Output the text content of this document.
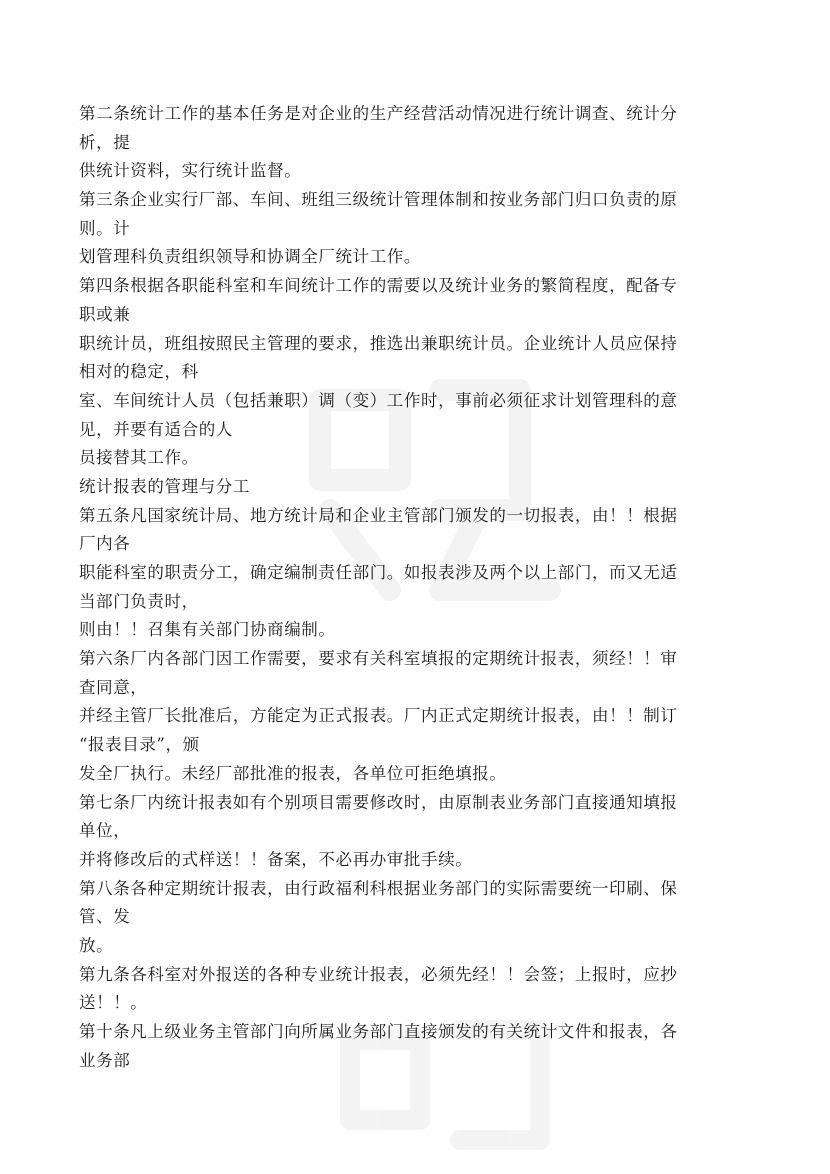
第二条统计工作的基本任务是对企业的生产经营活动情况进行统计调查、统计分
析，提
供统计资料，实行统计监督。
第三条企业实行厂部、车间、班组三级统计管理体制和按业务部门归口负责的原
则。计
划管理科负责组织领导和协调全厂统计工作。
第四条根据各职能科室和车间统计工作的需要以及统计业务的繁简程度，配备专
职或兼
职统计员，班组按照民主管理的要求，推选出兼职统计员。企业统计人员应保持
相对的稳定，科
室、车间统计人员（包括兼职）调（变）工作时，事前必须征求计划管理科的意
见，并要有适合的人
员接替其工作。
统计报表的管理与分工
第五条凡国家统计局、地方统计局和企业主管部门颁发的一切报表，由！！根据
厂内各
职能科室的职责分工，确定编制责任部门。如报表涉及两个以上部门，而又无适
当部门负责时，
则由！！召集有关部门协商编制。
第六条厂内各部门因工作需要，要求有关科室填报的定期统计报表，须经！！审
查同意，
并经主管厂长批准后，方能定为正式报表。厂内正式定期统计报表，由！！制订
“报表目录”，颁
发全厂执行。未经厂部批准的报表，各单位可拒绝填报。
第七条厂内统计报表如有个别项目需要修改时，由原制表业务部门直接通知填报
单位，
并将修改后的式样送！！备案，不必再办审批手续。
第八条各种定期统计报表，由行政福利科根据业务部门的实际需要统一印刷、保
管、发
放。
第九条各科室对外报送的各种专业统计报表，必须先经！！会签；上报时，应抄
送！！。
第十条凡上级业务主管部门向所属业务部门直接颁发的有关统计文件和报表，各
业务部
